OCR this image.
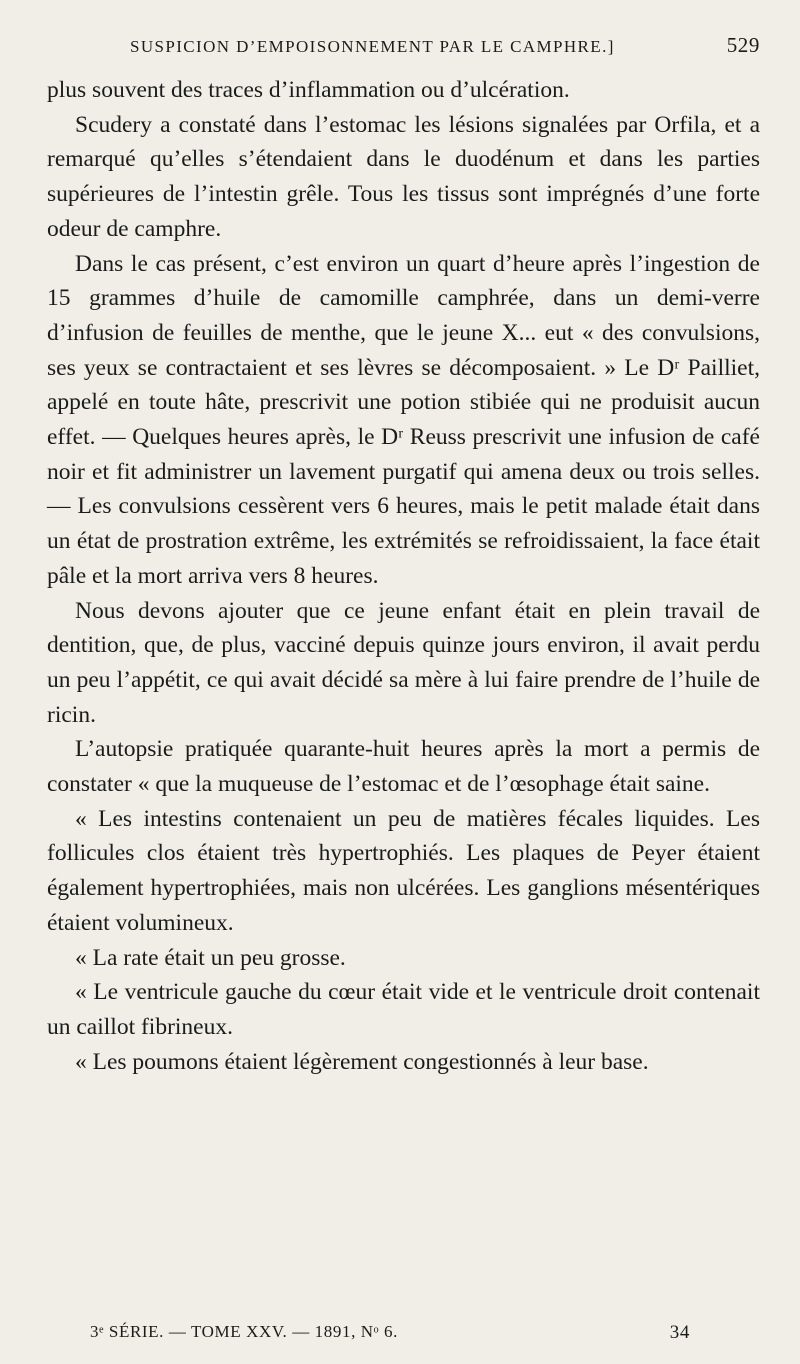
SUSPICION D’EMPOISONNEMENT PAR LE CAMPHRE.]	529

plus souvent des traces d’inflammation ou d’ulcération.

Scudery a constaté dans l’estomac les lésions signalées par Orfila, et a remarqué qu’elles s’étendaient dans le duodénum et dans les parties supérieures de l’intestin grêle. Tous les tissus sont imprégnés d’une forte odeur de camphre.

Dans le cas présent, c’est environ un quart d’heure après l’ingestion de 15 grammes d’huile de camomille camphrée, dans un demi-verre d’infusion de feuilles de menthe, que le jeune X... eut « des convulsions, ses yeux se contractaient et ses lèvres se décomposaient. » Le Dʳ Pailliet, appelé en toute hâte, prescrivit une potion stibiée qui ne produisit aucun effet. — Quelques heures après, le Dʳ Reuss prescrivit une infusion de café noir et fit administrer un lavement purgatif qui amena deux ou trois selles. — Les convulsions cessèrent vers 6 heures, mais le petit malade était dans un état de prostration extrême, les extrémités se refroidissaient, la face était pâle et la mort arriva vers 8 heures.

Nous devons ajouter que ce jeune enfant était en plein travail de dentition, que, de plus, vacciné depuis quinze jours environ, il avait perdu un peu l’appétit, ce qui avait décidé sa mère à lui faire prendre de l’huile de ricin.

L’autopsie pratiquée quarante-huit heures après la mort a permis de constater « que la muqueuse de l’estomac et de l’œsophage était saine.

« Les intestins contenaient un peu de matières fécales liquides. Les follicules clos étaient très hypertrophiés. Les plaques de Peyer étaient également hypertrophiées, mais non ulcérées. Les ganglions mésentériques étaient volumineux.

« La rate était un peu grosse.

« Le ventricule gauche du cœur était vide et le ventricule droit contenait un caillot fibrineux.

« Les poumons étaient légèrement congestionnés à leur base.

3ᵉ SÉRIE. — TOME XXV. — 1891, Nᵒ 6.	34
